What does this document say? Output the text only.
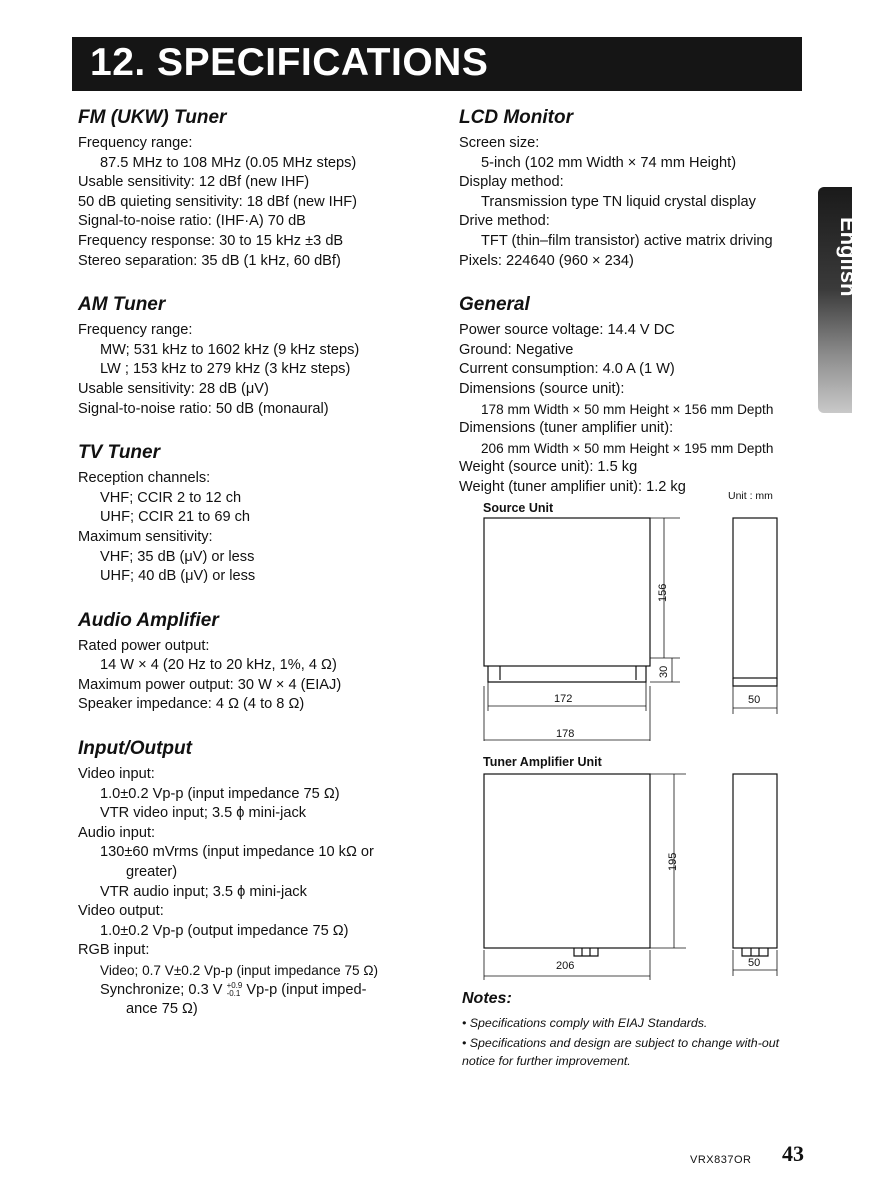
12. SPECIFICATIONS
English
FM (UKW) Tuner
Frequency range:
87.5 MHz to 108 MHz (0.05 MHz steps)
Usable sensitivity: 12 dBf (new IHF)
50 dB quieting sensitivity: 18 dBf (new IHF)
Signal-to-noise ratio: (IHF·A) 70 dB
Frequency response: 30 to 15 kHz ±3 dB
Stereo separation: 35 dB (1 kHz, 60 dBf)
AM Tuner
Frequency range:
MW; 531 kHz to 1602 kHz (9 kHz steps)
LW ; 153 kHz to 279 kHz (3 kHz steps)
Usable sensitivity: 28 dB (μV)
Signal-to-noise ratio: 50 dB (monaural)
TV Tuner
Reception channels:
VHF; CCIR 2 to 12 ch
UHF; CCIR 21 to 69 ch
Maximum sensitivity:
VHF; 35 dB (μV) or less
UHF; 40 dB (μV) or less
Audio Amplifier
Rated power output:
14 W × 4 (20 Hz to 20 kHz, 1%, 4 Ω)
Maximum power output: 30 W × 4 (EIAJ)
Speaker impedance: 4 Ω (4 to 8 Ω)
Input/Output
Video input:
1.0±0.2 Vp-p (input impedance 75 Ω)
VTR video input; 3.5 ϕ mini-jack
Audio input:
130±60 mVrms (input impedance 10 kΩ or
greater)
VTR audio input; 3.5 ϕ mini-jack
Video output:
1.0±0.2 Vp-p (output impedance 75 Ω)
RGB input:
Video; 0.7 V±0.2 Vp-p (input impedance 75 Ω)
Synchronize; 0.3 V +0.9
-0.1 Vp-p (input imped-
ance 75 Ω)
LCD Monitor
Screen size:
5-inch (102 mm Width × 74 mm Height)
Display method:
Transmission type TN liquid crystal display
Drive method:
TFT (thin–film transistor) active matrix driving
Pixels: 224640 (960 × 234)
General
Power source voltage: 14.4 V DC
Ground: Negative
Current consumption: 4.0 A (1 W)
Dimensions (source unit):
178 mm Width × 50 mm Height × 156 mm Depth
Dimensions (tuner amplifier unit):
206 mm Width × 50 mm Height × 195 mm Depth
Weight (source unit): 1.5 kg
Weight (tuner amplifier unit): 1.2 kg
Unit : mm
Source Unit
Tuner Amplifier Unit
156
30
172
178
50
195
206	50
Notes:
• Specifications comply with EIAJ Standards.
• Specifications and design are subject to change with-out notice for further improvement.
VRX837OR 43
